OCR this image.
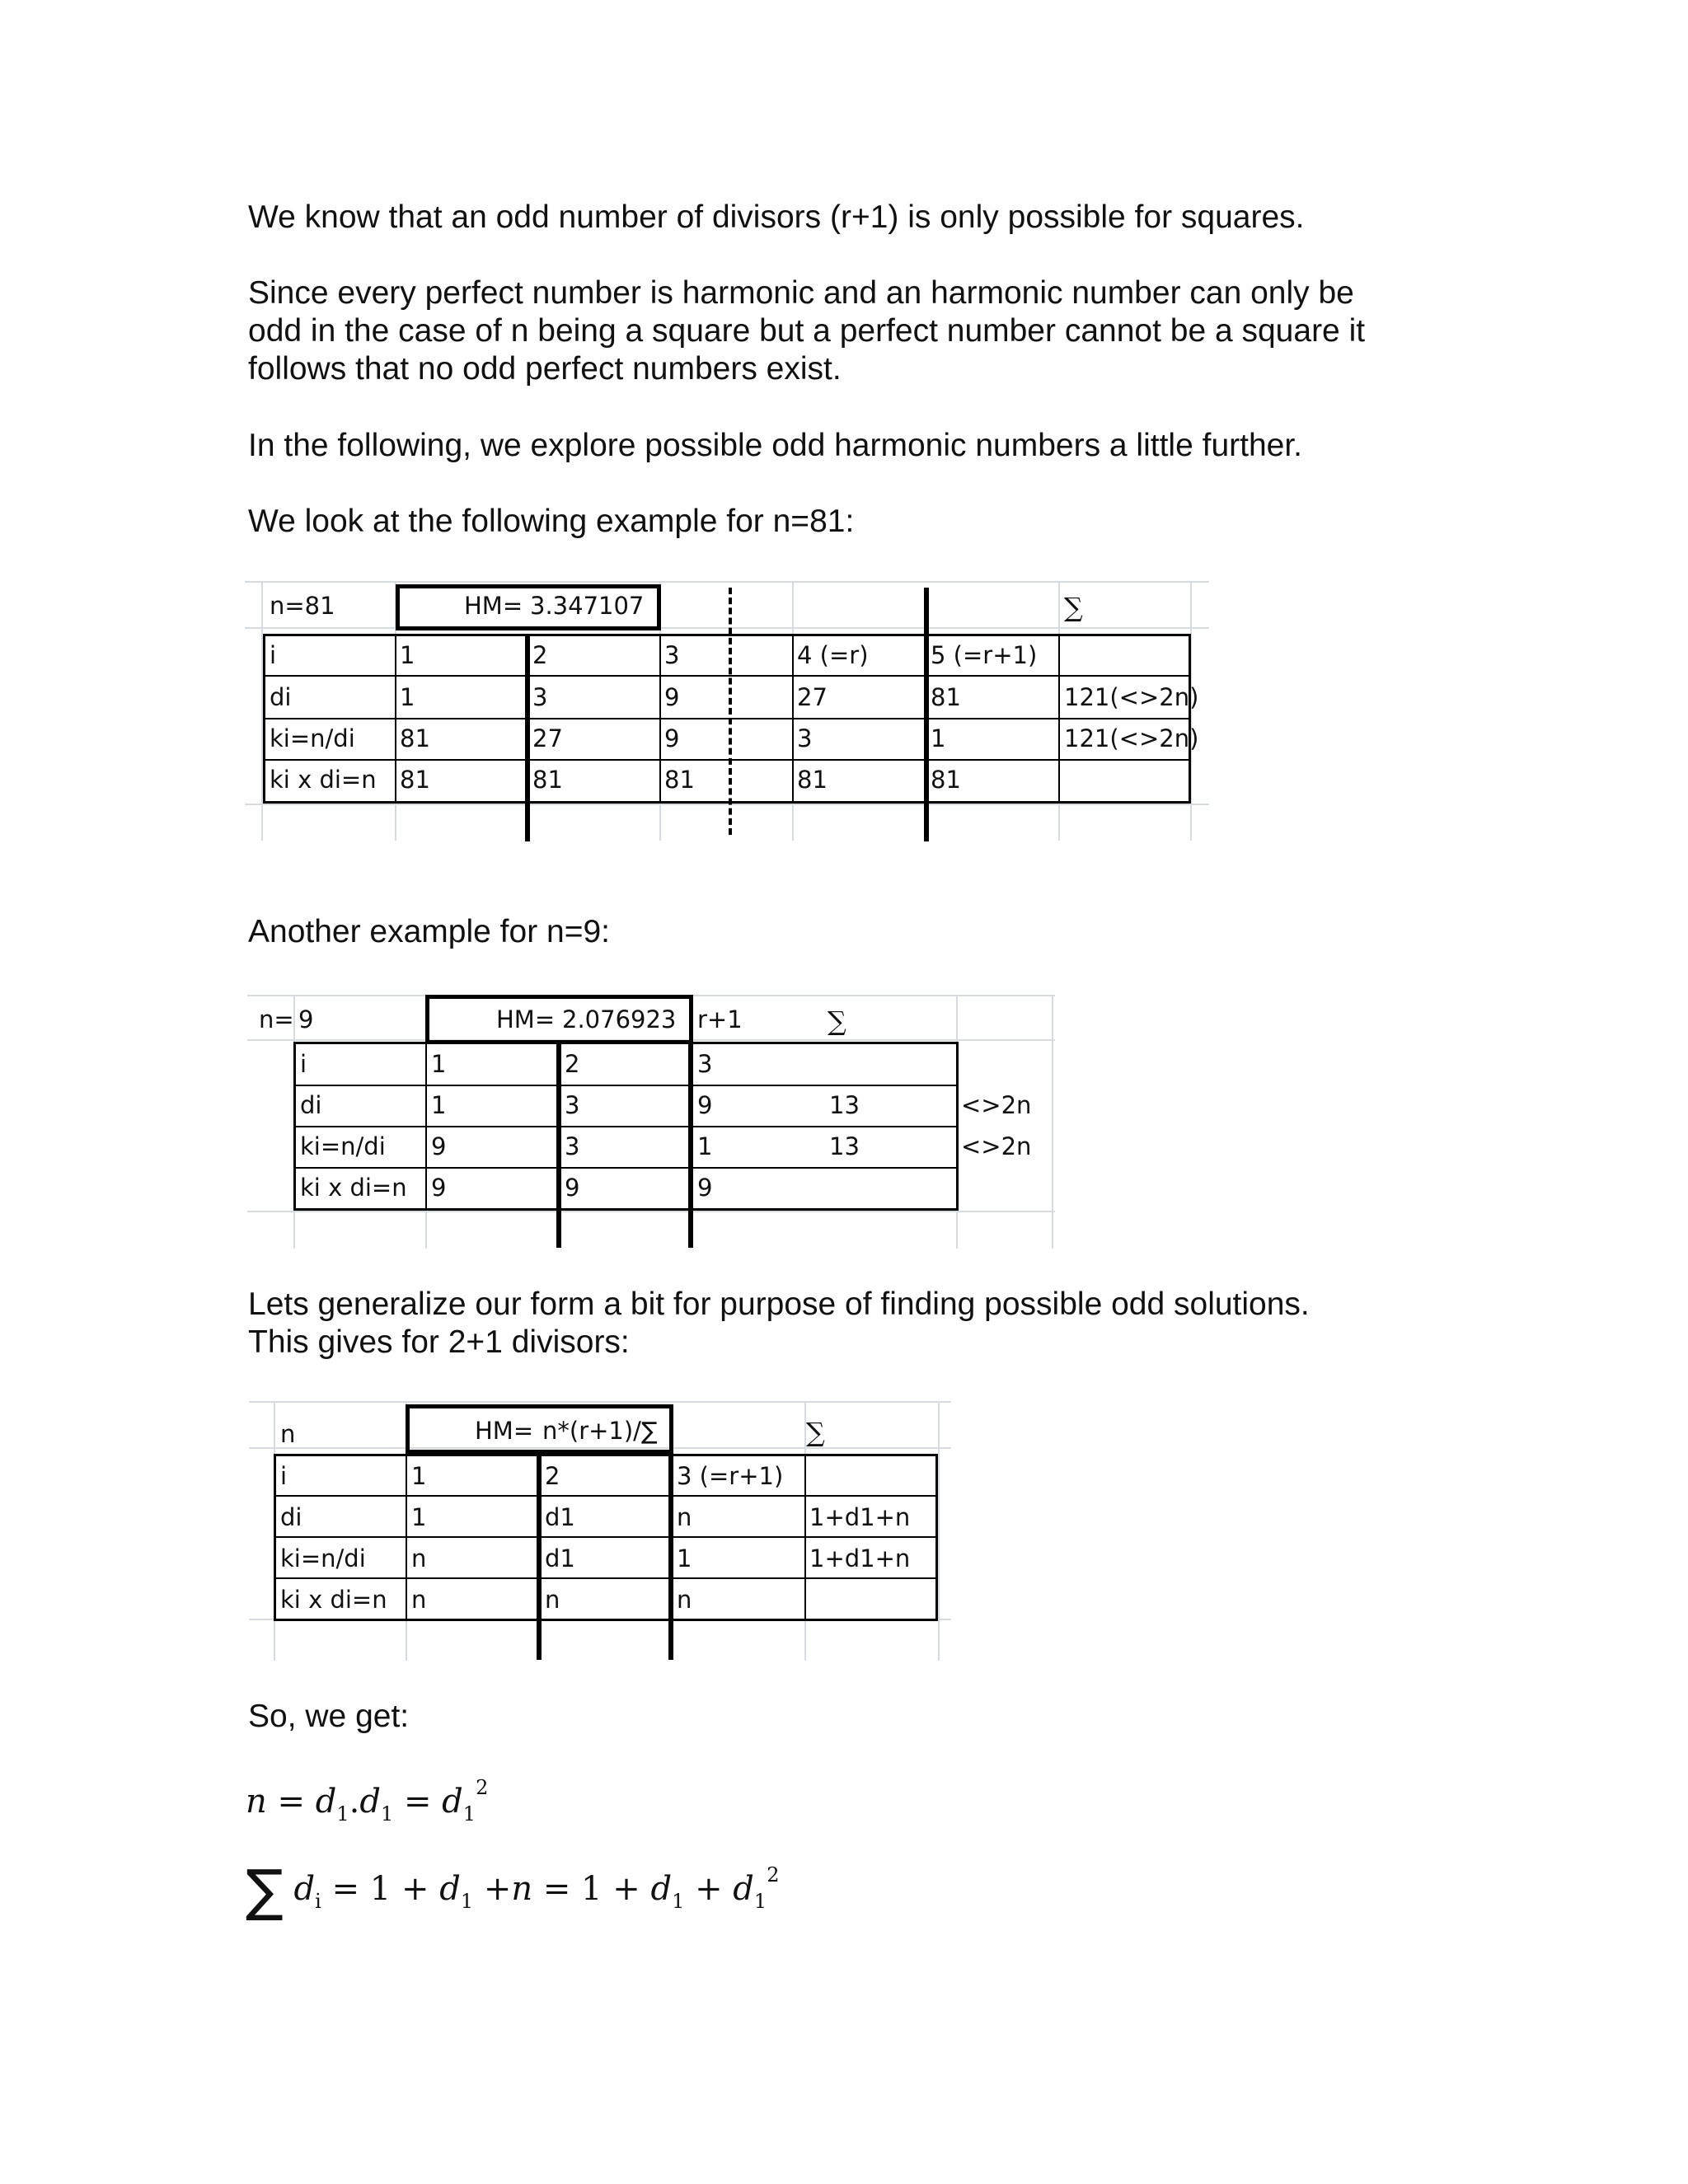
We know that an odd number of divisors (r+1) is only possible for squares.

Since every perfect number is harmonic and an harmonic number can only be

odd in the case of n being a square but a perfect number cannot be a square it

follows that no odd perfect numbers exist.

In the following, we explore possible odd harmonic numbers a little further.

We look at the following example for n=81:

n=81	HM= 3.347107	∑
i	1	2	3	4 (=r)	5 (=r+1)
di	1	3	9	27	81	121(<>2n)
ki=n/di 81	27	9	3	1	121(<>2n)
ki x di=n 81	81	81	81	81

Another example for n=9:

n= 9	HM= 2.076923 r+1	∑
i	1	2	3
di	1	3	9	13	<>2n
ki=n/di 9	3	1	13	<>2n
ki x di=n 9	9	9

Lets generalize our form a bit for purpose of finding possible odd solutions.

This gives for 2+1 divisors:

n	HM= n*(r+1)/∑	∑
i	1	2	3 (=r+1)
di	1	d1	n	1+d1+n
ki=n/di n	d1	1	1+d1+n
ki x di=n n	n	n

So, we get:

$n = d_1.d_1 = d_1^2$
∑ $d_i = 1 + d_1 +n = 1 + d_1 + d_1^2$
